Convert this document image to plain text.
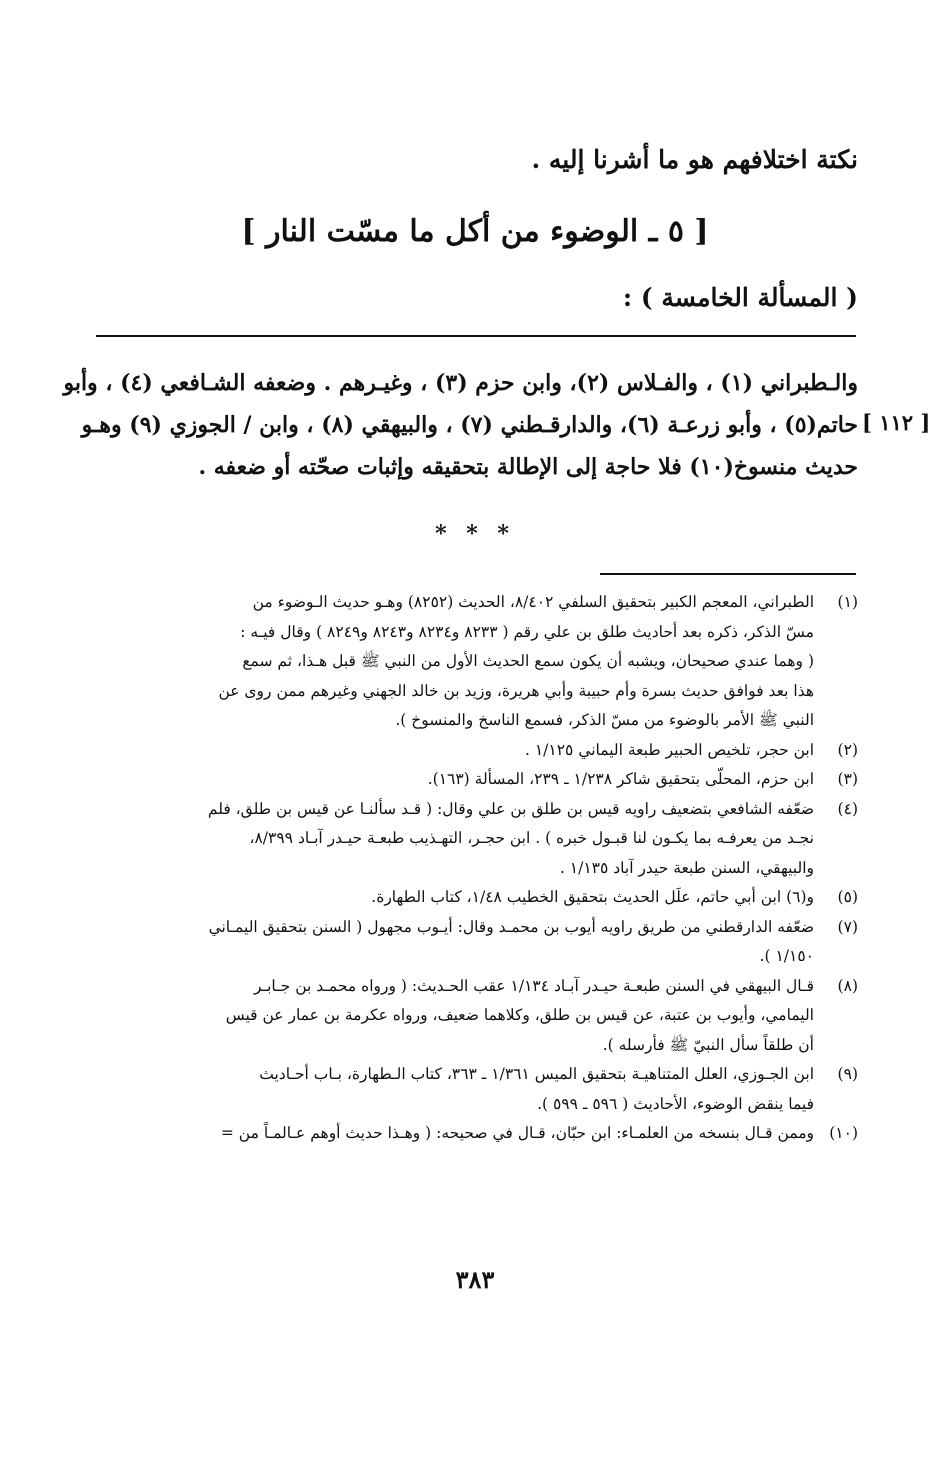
نكتة اختلافهم هو ما أشرنا إليه .
[ ٥ ـ الوضوء من أكل ما مسّت النار ]
( المسألة الخامسة ) :
والـطبراني (١) ، والفـلاس (٢)، وابن حزم (٣) ، وغيـرهم . وضعفه الشـافعي (٤) ، وأبو
حاتم(٥) ، وأبو زرعـة (٦)، والدارقـطني (٧) ، والبيهقي (٨) ، وابن / الجوزي (٩) وهـو
حديث منسوخ(١٠) فلا حاجة إلى الإطالة بتحقيقه وإثبات صحّته أو ضعفه .
[ ١١٢ ]
* * *
(١)
الطبراني، المعجم الكبير بتحقيق السلفي ٨/٤٠٢، الحديث (٨٢٥٢) وهـو حديث الـوضوء من
مسّ الذكر، ذكره بعد أحاديث طلق بن علي رقم ( ٨٢٣٣ و٨٢٣٤ و٨٢٤٣ و٨٢٤٩ ) وقال فيـه :
( وهما عندي صحيحان، ويشبه أن يكون سمع الحديث الأول من النبي ﷺ قبل هـذا، ثم سمع
هذا بعد فوافق حديث بسرة وأم حبيبة وأبي هريرة، وزيد بن خالد الجهني وغيرهم ممن روى عن
النبي ﷺ الأمر بالوضوء من مسّ الذكر، فسمع الناسخ والمنسوخ ).
(٢)
ابن حجر، تلخيص الحبير طبعة اليماني ١/١٢٥ .
(٣)
ابن حزم، المحلّى بتحقيق شاكر ١/٢٣٨ ـ ٢٣٩، المسألة (١٦٣).
(٤)
ضعّفه الشافعي بتضعيف راويه قيس بن طلق بن علي وقال: ( قـد سألنـا عن قيس بن طلق، فلم
نجـد من يعرفـه بما يكـون لنا قبـول خبره ) . ابن حجـر، التهـذيب طبعـة حيـدر آبـاد ٨/٣٩٩،
والبيهقي، السنن طبعة حيدر آباد ١/١٣٥ .
(٥)
و(٦) ابن أبي حاتم، علَل الحديث بتحقيق الخطيب ١/٤٨، كتاب الطهارة.
(٧)
ضعّفه الدارقطني من طريق راويه أيوب بن محمـد وقال: أيـوب مجهول ( السنن بتحقيق اليمـاني
١/١٥٠ ).
(٨)
قـال البيهقي في السنن طبعـة حيـدر آبـاد ١/١٣٤ عقب الحـديث: ( ورواه محمـد بن جـابـر
اليمامي، وأيوب بن عتبة، عن قيس بن طلق، وكلاهما ضعيف، ورواه عكرمة بن عمار عن قيس
أن طلقاً سأل النبيّ ﷺ فأرسله ).
(٩)
ابن الجـوزي، العلل المتناهيـة بتحقيق الميس ١/٣٦١ ـ ٣٦٣، كتاب الـطهارة، بـاب أحـاديث
فيما ينقض الوضوء، الأحاديث ( ٥٩٦ ـ ٥٩٩ ).
(١٠)
وممن قـال بنسخه من العلمـاء: ابن حبّان، قـال في صحيحه: ( وهـذا حديث أوهم عـالمـاً من =
٣٨٣
